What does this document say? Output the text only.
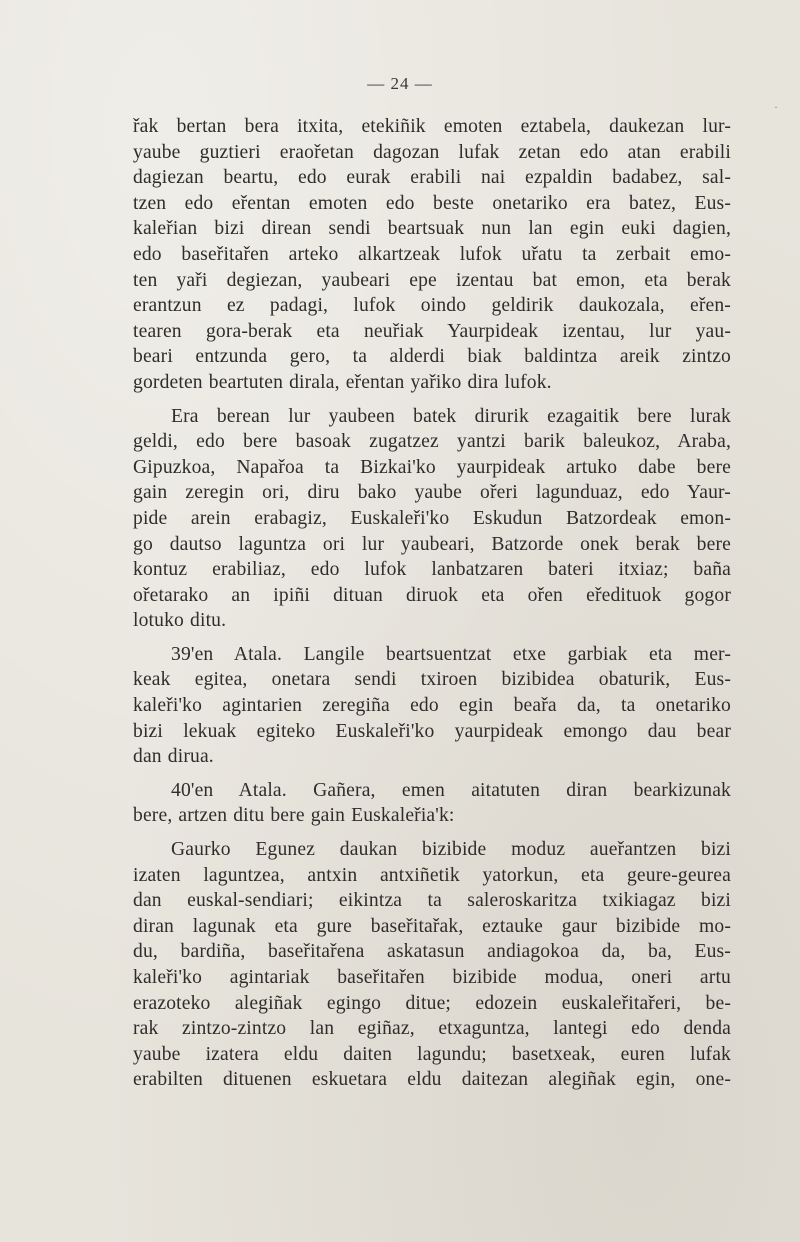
— 24 —
·
řak bertan bera itxita, etekiñik emoten eztabela, daukezan lur-
yaube guztieri eraořetan dagozan lufak zetan edo atan erabili
dagiezan beartu, edo eurak erabili nai ezpaldin badabez, sal-
tzen edo eřentan emoten edo beste onetariko era batez, Eus-
kaleřian bizi direan sendi beartsuak nun lan egin euki dagien,
edo baseřitařen arteko alkartzeak lufok uřatu ta zerbait emo-
ten yaři degiezan, yaubeari epe izentau bat emon, eta berak
erantzun ez padagi, lufok oindo geldirik daukozala, eřen-
tearen gora-berak eta neuřiak Yaurpideak izentau, lur yau-
beari entzunda gero, ta alderdi biak baldintza areik zintzo
gordeten beartuten dirala, eřentan yařiko dira lufok.
Era berean lur yaubeen batek dirurik ezagaitik bere lurak
geldi, edo bere basoak zugatzez yantzi barik baleukoz, Araba,
Gipuzkoa, Napařoa ta Bizkai'ko yaurpideak artuko dabe bere
gain zeregin ori, diru bako yaube ořeri lagunduaz, edo Yaur-
pide arein erabagiz, Euskaleři'ko Eskudun Batzordeak emon-
go dautso laguntza ori lur yaubeari, Batzorde onek berak bere
kontuz erabiliaz, edo lufok lanbatzaren bateri itxiaz; baña
ořetarako an ipiñi dituan diruok eta ořen eředituok gogor
lotuko ditu.
39'en Atala. Langile beartsuentzat etxe garbiak eta mer-
keak egitea, onetara sendi txiroen bizibidea obaturik, Eus-
kaleři'ko agintarien zeregiña edo egin beařa da, ta onetariko
bizi lekuak egiteko Euskaleři'ko yaurpideak emongo dau bear
dan dirua.
40'en Atala. Gañera, emen aitatuten diran bearkizunak
bere, artzen ditu bere gain Euskaleřia'k:
Gaurko Egunez daukan bizibide moduz aueřantzen bizi
izaten laguntzea, antxin antxiñetik yatorkun, eta geure-geurea
dan euskal-sendiari; eikintza ta saleroskaritza txikiagaz bizi
diran lagunak eta gure baseřitařak, eztauke gaur bizibide mo-
du, bardiña, baseřitařena askatasun andiagokoa da, ba, Eus-
kaleři'ko agintariak baseřitařen bizibide modua, oneri artu
erazoteko alegiñak egingo ditue; edozein euskaleřitařeri, be-
rak zintzo-zintzo lan egiñaz, etxaguntza, lantegi edo denda
yaube izatera eldu daiten lagundu; basetxeak, euren lufak
erabilten dituenen eskuetara eldu daitezan alegiñak egin, one-
